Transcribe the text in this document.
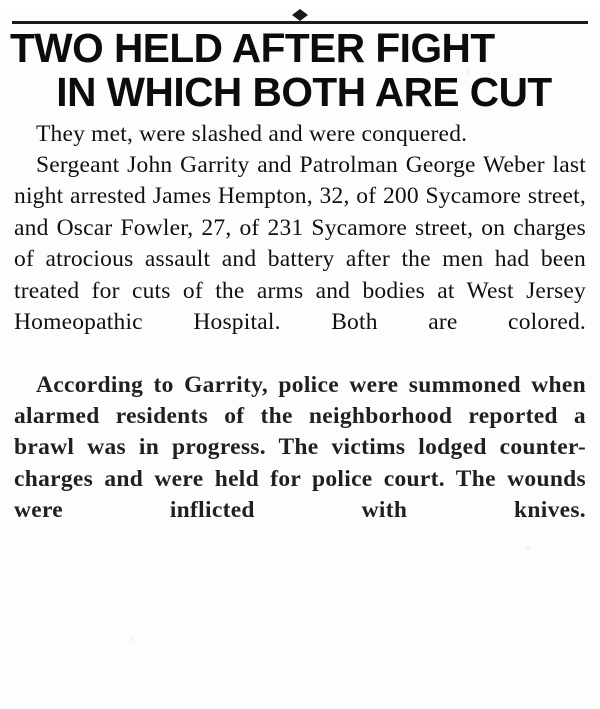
TWO HELD AFTER FIGHT
IN WHICH BOTH ARE CUT

They met, were slashed and were conquered.

Sergeant John Garrity and Patrolman George Weber last night arrested James Hempton, 32, of 200 Sycamore street, and Oscar Fowler, 27, of 231 Sycamore street, on charges of atrocious assault and battery after the men had been treated for cuts of the arms and bodies at West Jersey Homeopathic Hospital. Both are colored.

According to Garrity, police were summoned when alarmed residents of the neighborhood reported a brawl was in progress. The victims lodged counter-charges and were held for police court. The wounds were inflicted with knives.
